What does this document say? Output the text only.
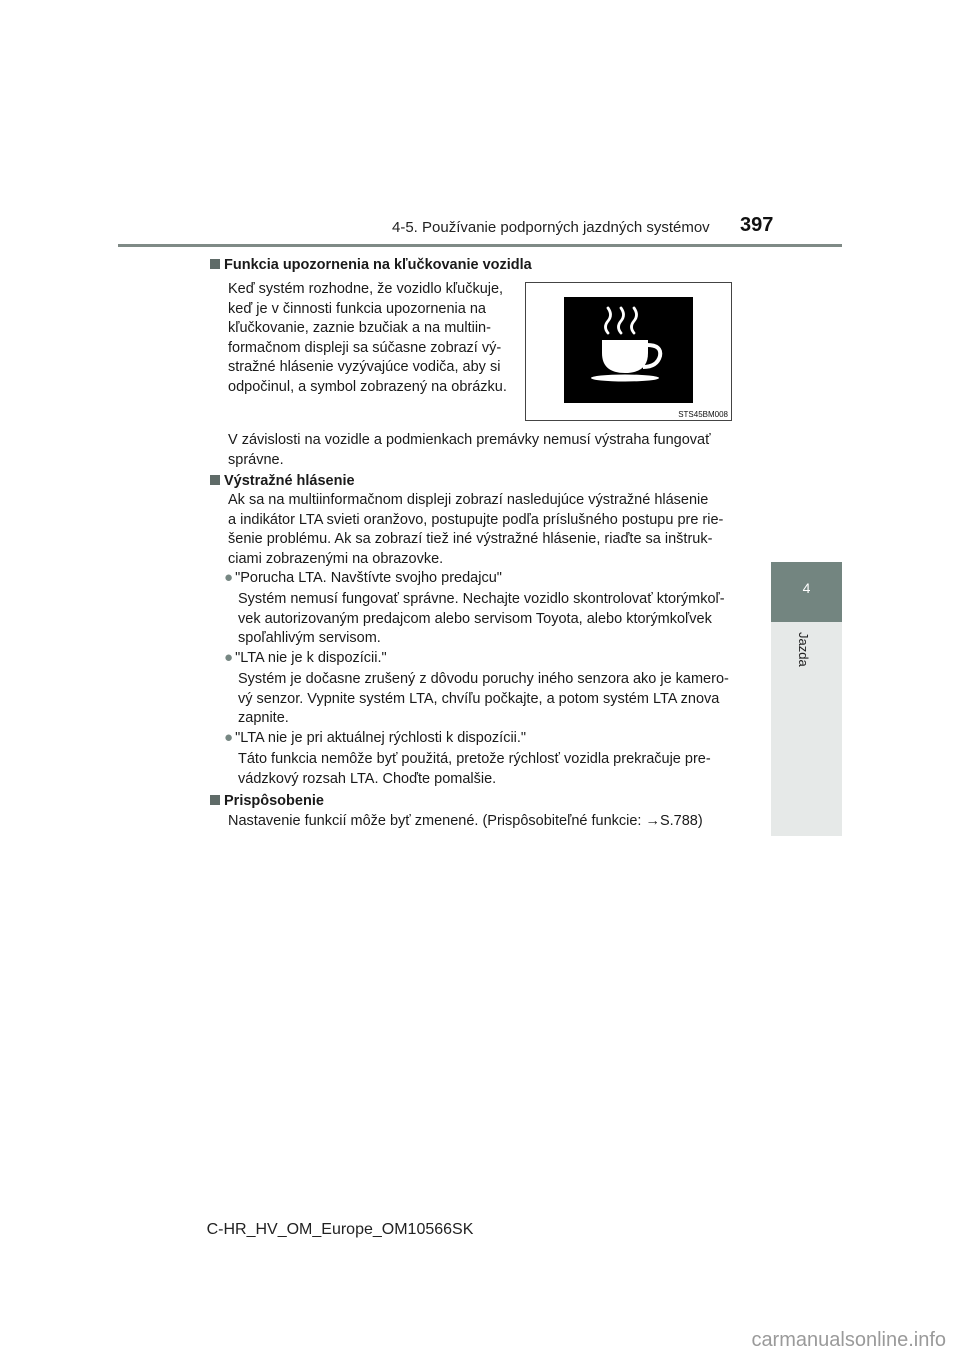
4-5. Používanie podporných jazdných systémov 397
4
Jazda
Funkcia upozornenia na kľučkovanie vozidla
Keď systém rozhodne, že vozidlo kľučkuje,
keď je v činnosti funkcia upozornenia na
kľučkovanie, zaznie bzučiak a na multiin-
formačnom displeji sa súčasne zobrazí vý-
stražné hlásenie vyzývajúce vodiča, aby si
odpočinul, a symbol zobrazený na obrázku.
STS45BM008
V závislosti na vozidle a podmienkach premávky nemusí výstraha fungovať
správne.
Výstražné hlásenie
Ak sa na multiinformačnom displeji zobrazí nasledujúce výstražné hlásenie
a indikátor LTA svieti oranžovo, postupujte podľa príslušného postupu pre rie-
šenie problému. Ak sa zobrazí tiež iné výstražné hlásenie, riaďte sa inštruk-
ciami zobrazenými na obrazovke.
● "Porucha LTA. Navštívte svojho predajcu"
Systém nemusí fungovať správne. Nechajte vozidlo skontrolovať ktorýmkoľ-
vek autorizovaným predajcom alebo servisom Toyota, alebo ktorýmkoľvek
spoľahlivým servisom.
● "LTA nie je k dispozícii."
Systém je dočasne zrušený z dôvodu poruchy iného senzora ako je kamero-
vý senzor. Vypnite systém LTA, chvíľu počkajte, a potom systém LTA znova
zapnite.
● "LTA nie je pri aktuálnej rýchlosti k dispozícii."
Táto funkcia nemôže byť použitá, pretože rýchlosť vozidla prekračuje pre-
vádzkový rozsah LTA. Choďte pomalšie.
Prispôsobenie
Nastavenie funkcií môže byť zmenené. (Prispôsobiteľné funkcie: →S.788)
C-HR_HV_OM_Europe_OM10566SK
carmanualsonline.info
